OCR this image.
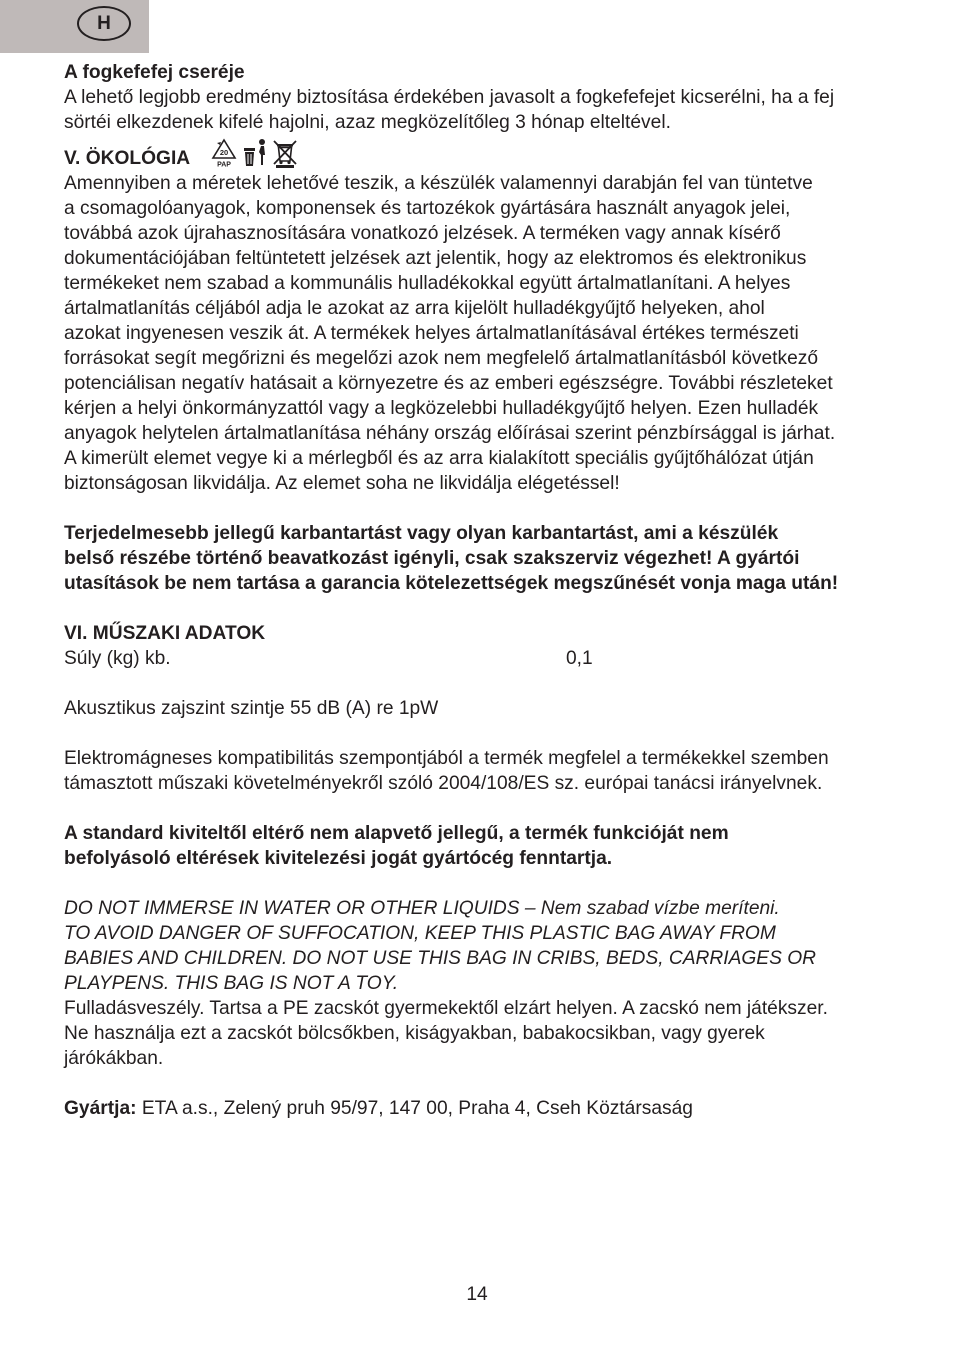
H

A fogkefefej cseréje

A lehető legjobb eredmény biztosítása érdekében javasolt a fogkefefejet kicserélni, ha a fej

sörtéi elkezdenek kifelé hajolni, azaz megközelítőleg 3 hónap elteltével.

V. ÖKOLÓGIA	20
PAP

Amennyiben a méretek lehetővé teszik, a készülék valamennyi darabján fel van tüntetve

a csomagolóanyagok, komponensek és tartozékok gyártására használt anyagok jelei,

továbbá azok újrahasznosítására vonatkozó jelzések. A terméken vagy annak kísérő

dokumentációjában feltüntetett jelzések azt jelentik, hogy az elektromos és elektronikus

termékeket nem szabad a kommunális hulladékokkal együtt ártalmatlanítani. A helyes

ártalmatlanítás céljából adja le azokat az arra kijelölt hulladékgyűjtő helyeken, ahol

azokat ingyenesen veszik át. A termékek helyes ártalmatlanításával értékes természeti

forrásokat segít megőrizni és megelőzi azok nem megfelelő ártalmatlanításból következő

potenciálisan negatív hatásait a környezetre és az emberi egészségre. További részleteket

kérjen a helyi önkormányzattól vagy a legközelebbi hulladékgyűjtő helyen. Ezen hulladék

anyagok helytelen ártalmatlanítása néhány ország előírásai szerint pénzbírsággal is járhat.

A kimerült elemet vegye ki a mérlegből és az arra kialakított speciális gyűjtőhálózat útján

biztonságosan likvidálja. Az elemet soha ne likvidálja elégetéssel!

Terjedelmesebb jellegű karbantartást vagy olyan karbantartást, ami a készülék

belső részébe történő beavatkozást igényli, csak szakszerviz végezhet! A gyártói

utasítások be nem tartása a garancia kötelezettségek megszűnését vonja maga után!

VI. MŰSZAKI ADATOK

Súly (kg) kb.	0,1

Akusztikus zajszint szintje 55 dB (A) re 1pW

Elektromágneses kompatibilitás szempontjából a termék megfelel a termékekkel szemben

támasztott műszaki követelményekről szóló 2004/108/ES sz. európai tanácsi irányelvnek.

A standard kiviteltől eltérő nem alapvető jellegű, a termék funkcióját nem

befolyásoló eltérések kivitelezési jogát gyártócég fenntartja.

DO NOT IMMERSE IN WATER OR OTHER LIQUIDS – Nem szabad vízbe meríteni.

TO AVOID DANGER OF SUFFOCATION, KEEP THIS PLASTIC BAG AWAY FROM

BABIES AND CHILDREN. DO NOT USE THIS BAG IN CRIBS, BEDS, CARRIAGES OR

PLAYPENS. THIS BAG IS NOT A TOY.

Fulladásveszély. Tartsa a PE zacskót gyermekektől elzárt helyen. A zacskó nem játékszer.

Ne használja ezt a zacskót bölcsőkben, kiságyakban, babakocsikban, vagy gyerek

járókákban.

Gyártja: ETA a.s., Zelený pruh 95/97, 147 00, Praha 4, Cseh Köztársaság

14
